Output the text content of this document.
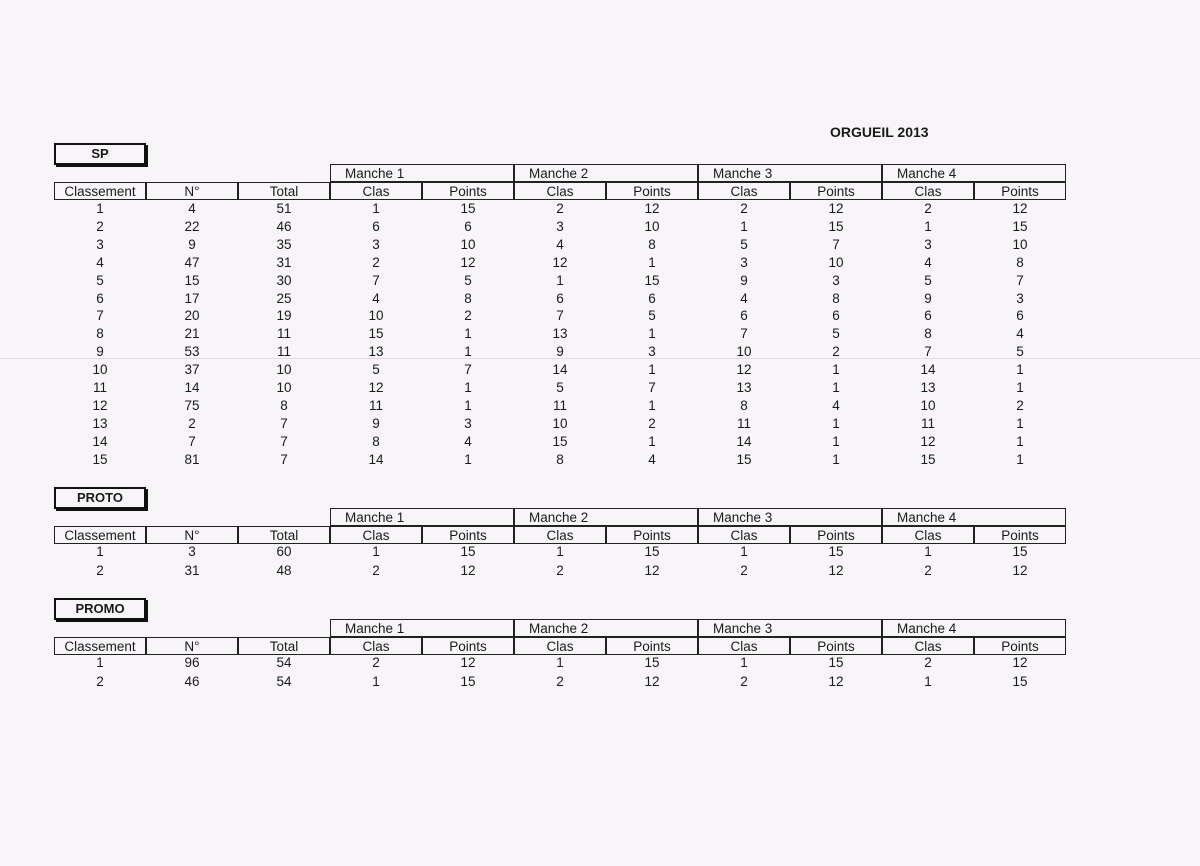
ORGUEIL 2013
SP
Manche 1	Manche 2	Manche 3	Manche 4
Classement	N°	Total	Clas	Points	Clas	Points	Clas	Points	Clas	Points
1	4	51	1	15	2	12	2	12	2	12
2	22	46	6	6	3	10	1	15	1	15
3	9	35	3	10	4	8	5	7	3	10
4	47	31	2	12	12	1	3	10	4	8
5	15	30	7	5	1	15	9	3	5	7
6	17	25	4	8	6	6	4	8	9	3
7	20	19	10	2	7	5	6	6	6	6
8	21	11	15	1	13	1	7	5	8	4
9	53	11	13	1	9	3	10	2	7	5
10	37	10	5	7	14	1	12	1	14	1
11	14	10	12	1	5	7	13	1	13	1
12	75	8	11	1	11	1	8	4	10	2
13	2	7	9	3	10	2	11	1	11	1
14	7	7	8	4	15	1	14	1	12	1
15	81	7	14	1	8	4	15	1	15	1
PROTO
Manche 1	Manche 2	Manche 3	Manche 4
Classement	N°	Total	Clas	Points	Clas	Points	Clas	Points	Clas	Points
1	3	60	1	15	1	15	1	15	1	15
2	31	48	2	12	2	12	2	12	2	12
PROMO
Manche 1	Manche 2	Manche 3	Manche 4
Classement	N°	Total	Clas	Points	Clas	Points	Clas	Points	Clas	Points
1	96	54	2	12	1	15	1	15	2	12
2	46	54	1	15	2	12	2	12	1	15
